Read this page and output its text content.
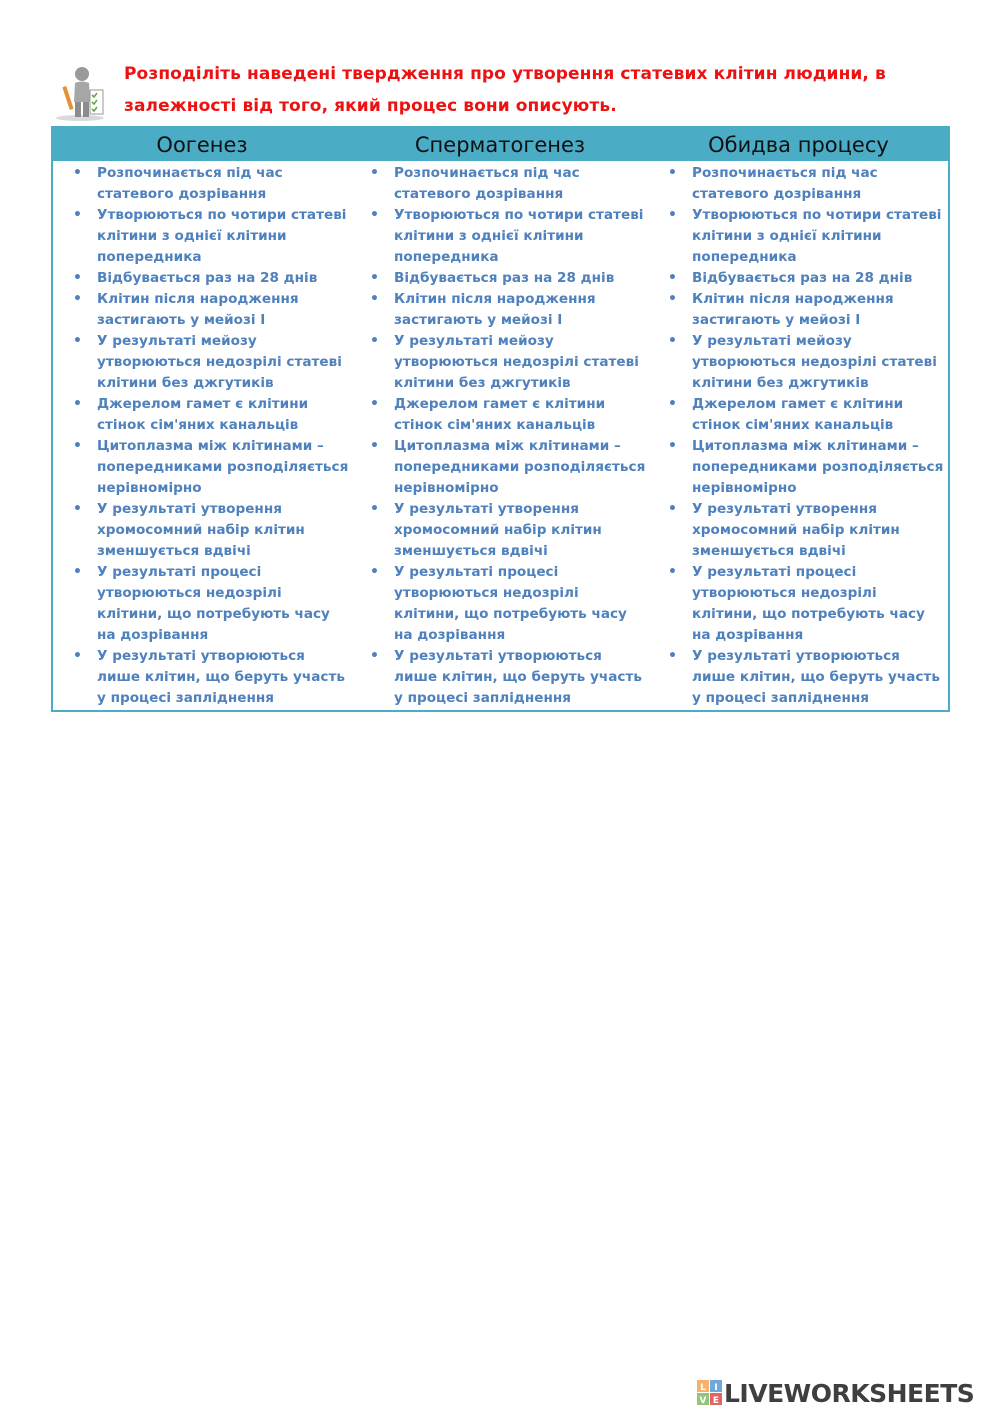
Розподіліть наведені твердження про утворення статевих клітин людини, в залежності від того, який процес вони описують.
Оогенез	Сперматогенез	Обидва процесу
• Розпочинається під час статевого дозрівання
• Утворюються по чотири статеві клітини з однієї клітини попередника
• Відбувається раз на 28 днів
• Клітин після народження застигають у мейозі I
• У результаті мейозу утворюються недозрілі статеві клітини без джгутиків
• Джерелом гамет є клітини стінок сім'яних канальців
• Цитоплазма між клітинами – попередниками розподіляється нерівномірно
• У результаті утворення хромосомний набір клітин зменшується вдвічі
• У результаті процесі утворюються недозрілі клітини, що потребують часу на дозрівання
• У результаті утворюються лише клітин, що беруть участь у процесі запліднення
• Розпочинається під час статевого дозрівання
• Утворюються по чотири статеві клітини з однієї клітини попередника
• Відбувається раз на 28 днів
• Клітин після народження застигають у мейозі I
• У результаті мейозу утворюються недозрілі статеві клітини без джгутиків
• Джерелом гамет є клітини стінок сім'яних канальців
• Цитоплазма між клітинами – попередниками розподіляється нерівномірно
• У результаті утворення хромосомний набір клітин зменшується вдвічі
• У результаті процесі утворюються недозрілі клітини, що потребують часу на дозрівання
• У результаті утворюються лише клітин, що беруть участь у процесі запліднення
• Розпочинається під час статевого дозрівання
• Утворюються по чотири статеві клітини з однієї клітини попередника
• Відбувається раз на 28 днів
• Клітин після народження застигають у мейозі I
• У результаті мейозу утворюються недозрілі статеві клітини без джгутиків
• Джерелом гамет є клітини стінок сім'яних канальців
• Цитоплазма між клітинами – попередниками розподіляється нерівномірно
• У результаті утворення хромосомний набір клітин зменшується вдвічі
• У результаті процесі утворюються недозрілі клітини, що потребують часу на дозрівання
• У результаті утворюються лише клітин, що беруть участь у процесі запліднення
L I
V E LIVEWORKSHEETS
